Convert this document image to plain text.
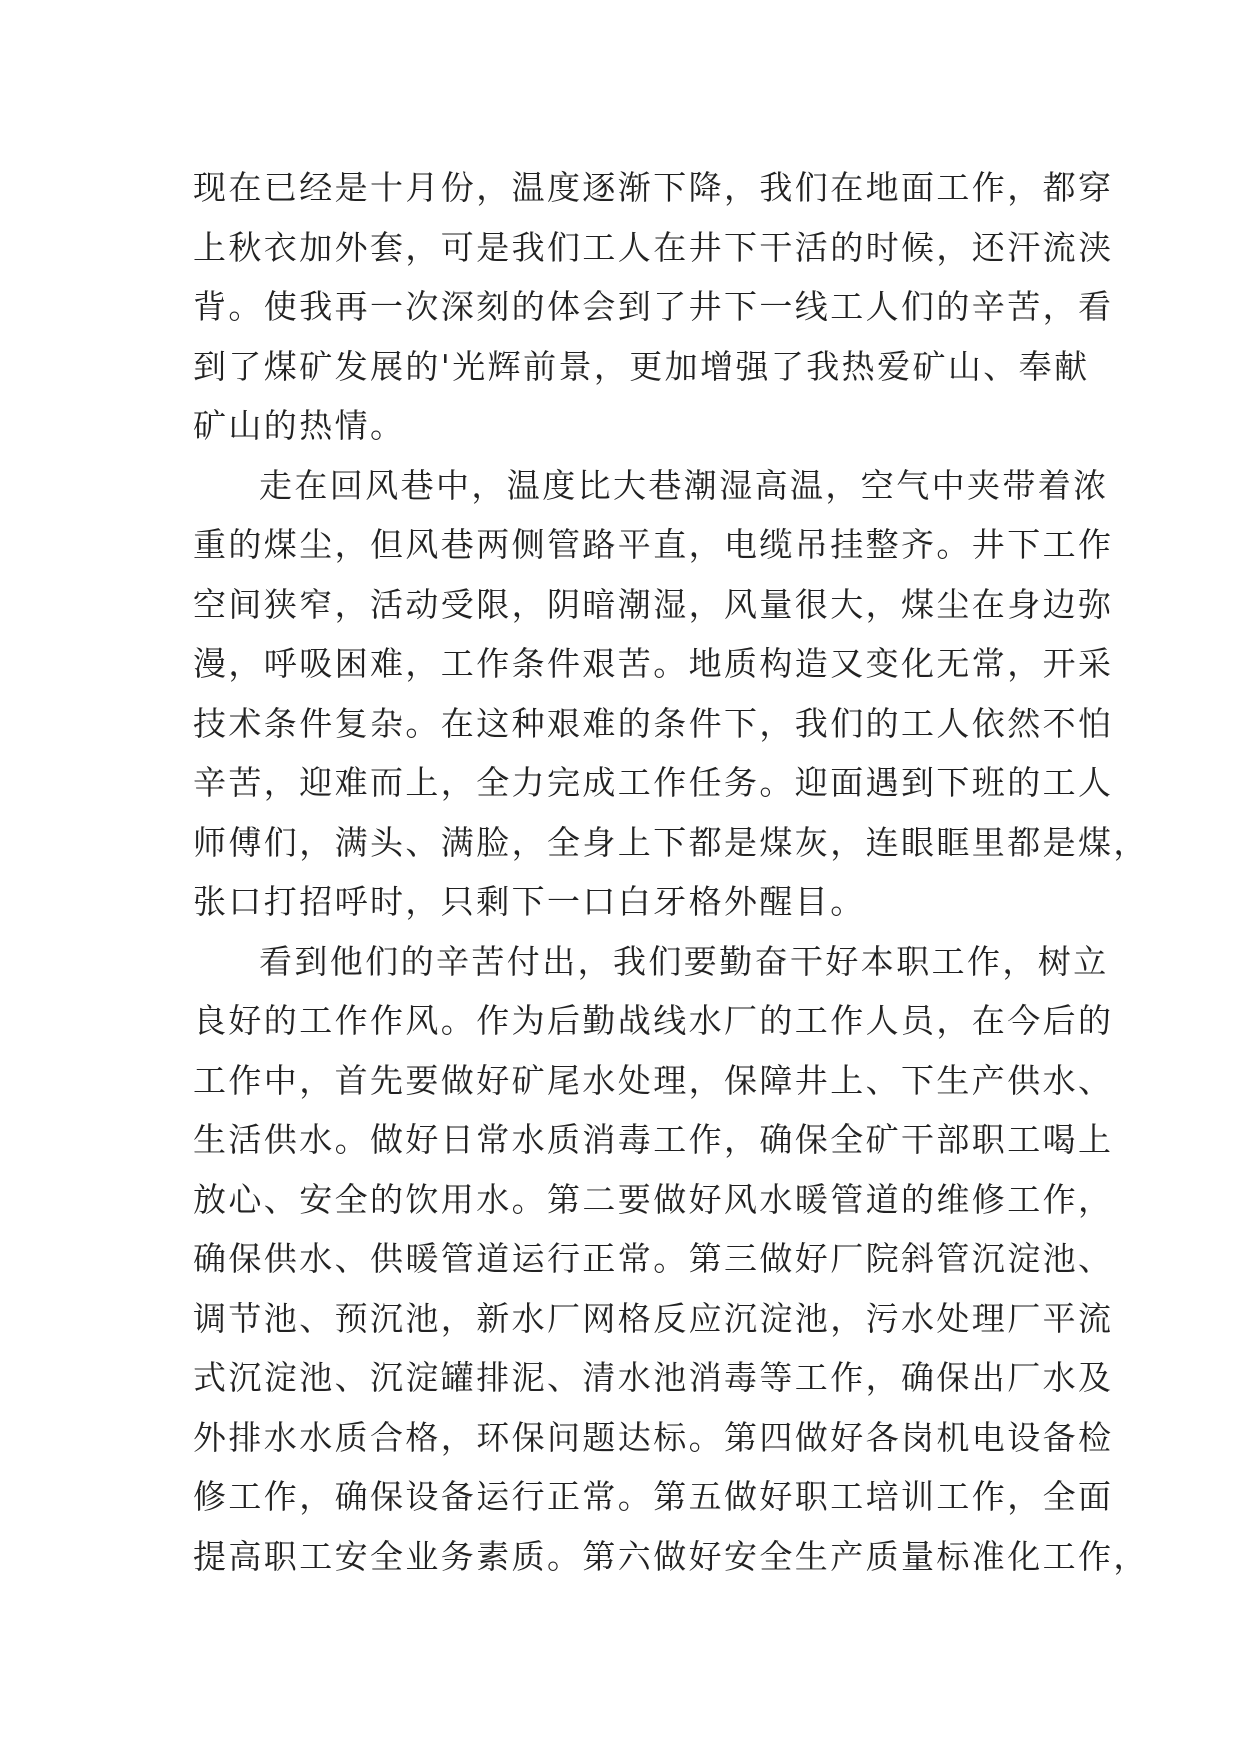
现在已经是十月份，温度逐渐下降，我们在地面工作，都穿
上秋衣加外套，可是我们工人在井下干活的时候，还汗流浃
背。使我再一次深刻的体会到了井下一线工人们的辛苦，看
到了煤矿发展的'光辉前景，更加增强了我热爱矿山、奉献
矿山的热情。
走在回风巷中，温度比大巷潮湿高温，空气中夹带着浓
重的煤尘，但风巷两侧管路平直，电缆吊挂整齐。井下工作
空间狭窄，活动受限，阴暗潮湿，风量很大，煤尘在身边弥
漫，呼吸困难，工作条件艰苦。地质构造又变化无常，开采
技术条件复杂。在这种艰难的条件下，我们的工人依然不怕
辛苦，迎难而上，全力完成工作任务。迎面遇到下班的工人
师傅们，满头、满脸，全身上下都是煤灰，连眼眶里都是煤，
张口打招呼时，只剩下一口白牙格外醒目。
看到他们的辛苦付出，我们要勤奋干好本职工作，树立
良好的工作作风。作为后勤战线水厂的工作人员，在今后的
工作中，首先要做好矿尾水处理，保障井上、下生产供水、
生活供水。做好日常水质消毒工作，确保全矿干部职工喝上
放心、安全的饮用水。第二要做好风水暖管道的维修工作，
确保供水、供暖管道运行正常。第三做好厂院斜管沉淀池、
调节池、预沉池，新水厂网格反应沉淀池，污水处理厂平流
式沉淀池、沉淀罐排泥、清水池消毒等工作，确保出厂水及
外排水水质合格，环保问题达标。第四做好各岗机电设备检
修工作，确保设备运行正常。第五做好职工培训工作，全面
提高职工安全业务素质。第六做好安全生产质量标准化工作，
